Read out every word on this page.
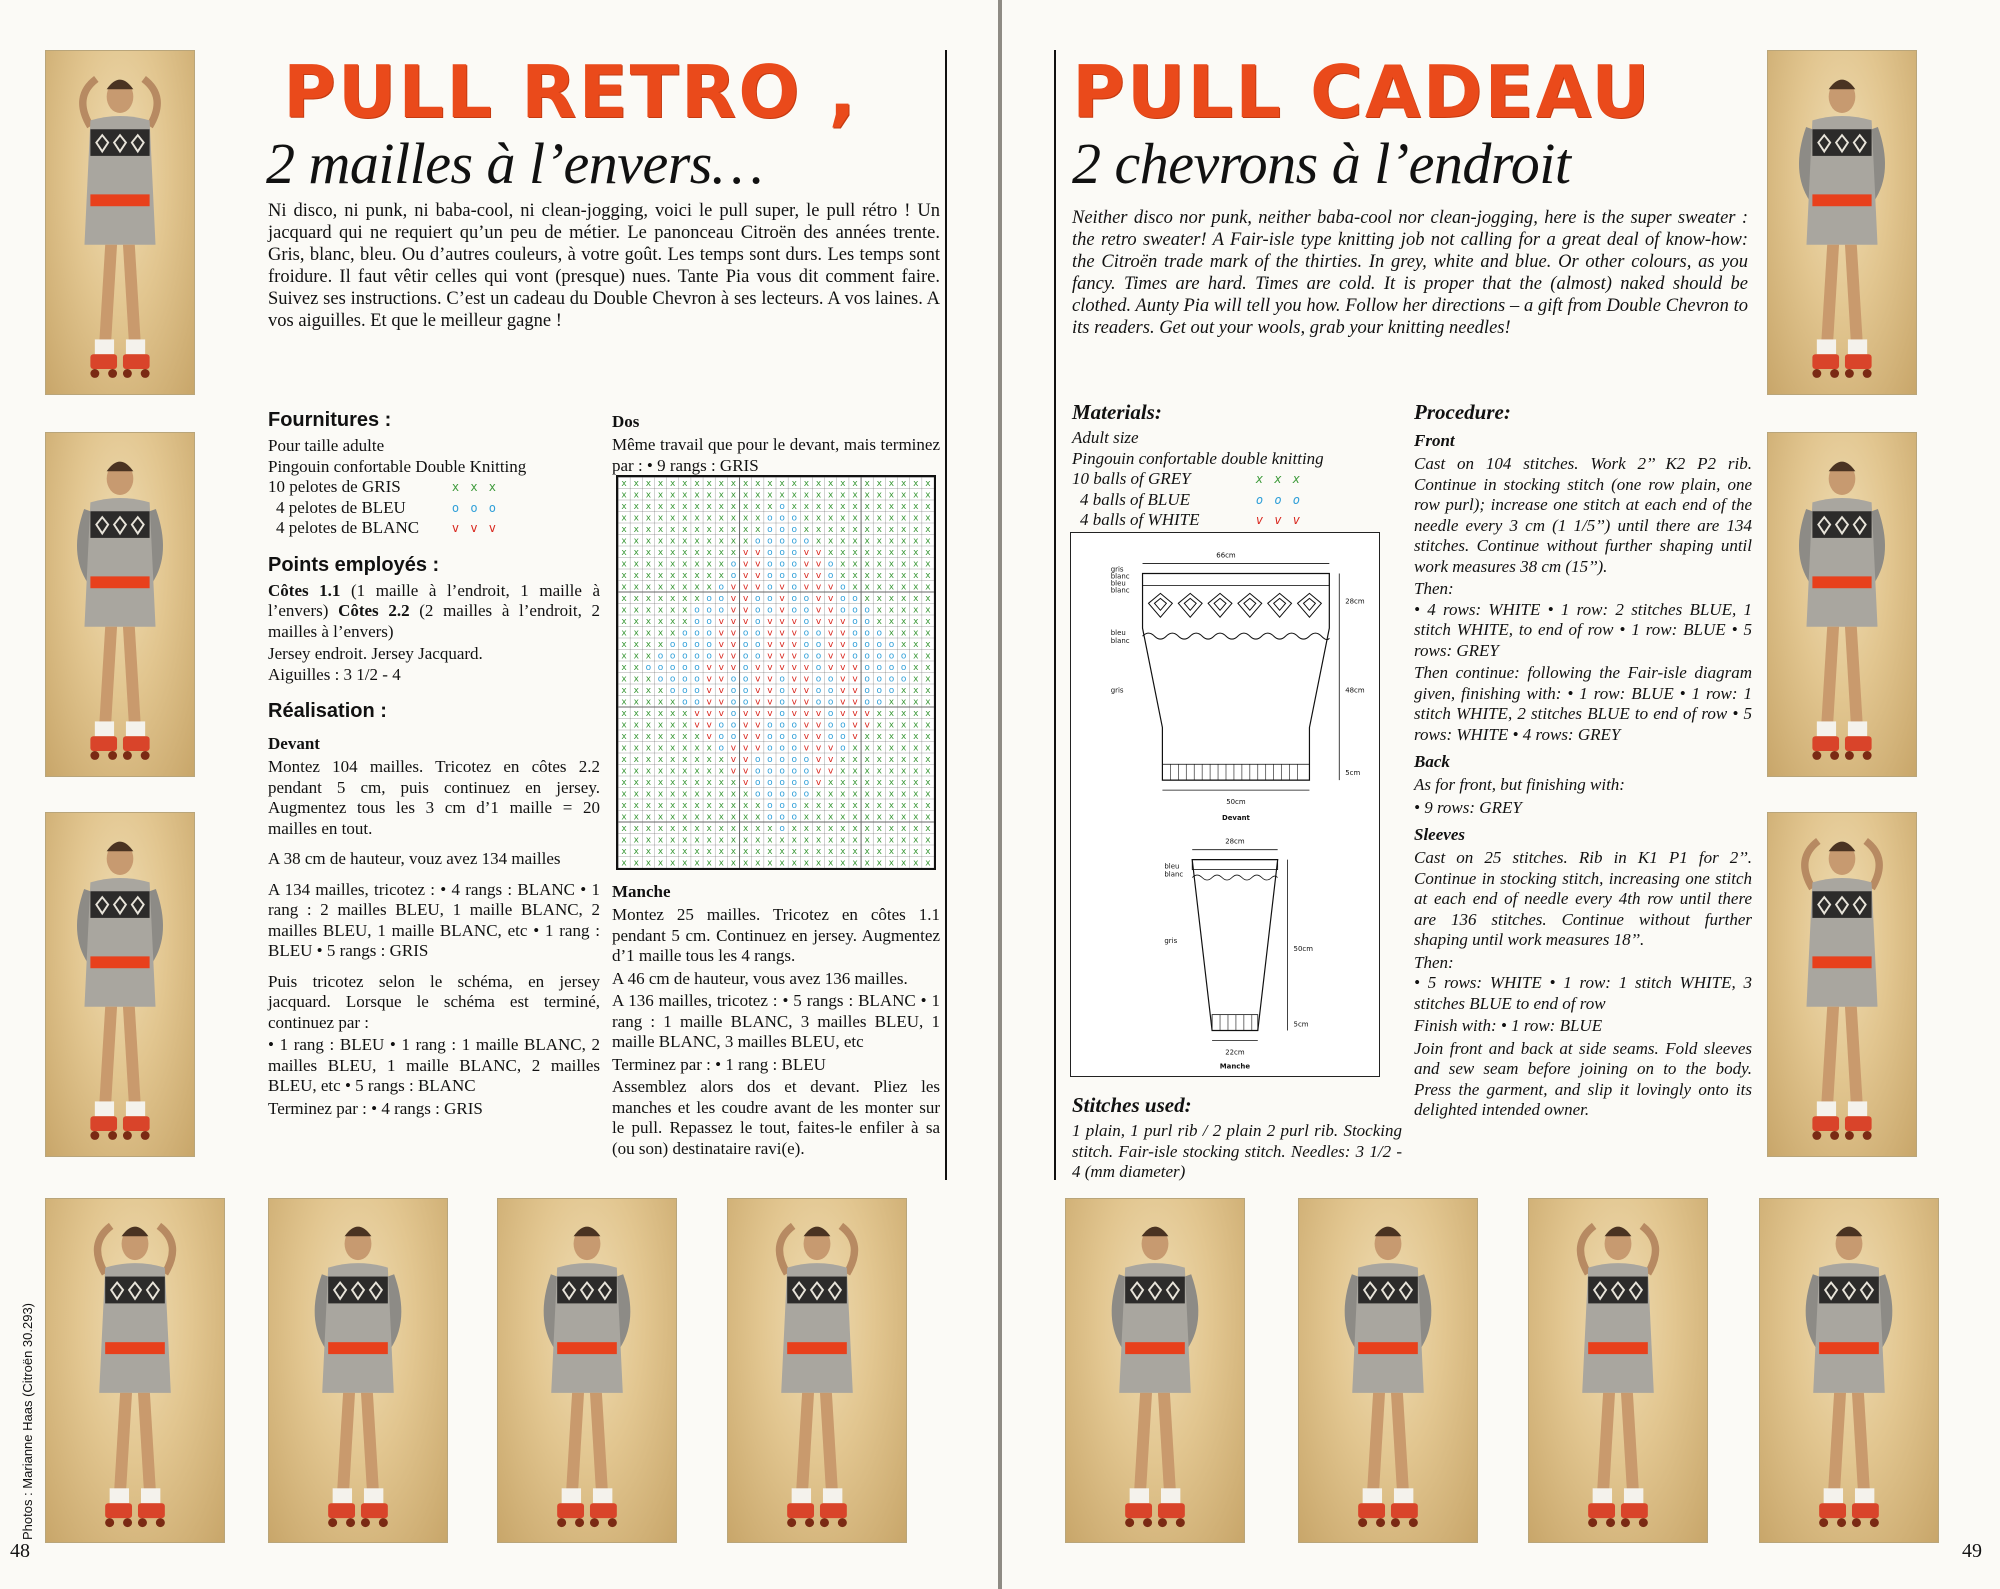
PULL RETRO ,
2 mailles à l’envers…
Ni disco, ni punk, ni baba-cool, ni clean-jogging, voici le pull super, le pull rétro ! Un jacquard qui ne requiert qu’un peu de métier. Le panonceau Citroën des années trente. Gris, blanc, bleu. Ou d’autres couleurs, à votre goût. Les temps sont durs. Les temps sont froidure. Il faut vêtir celles qui vont (presque) nues. Tante Pia vous dit comment faire. Suivez ses instructions. C’est un cadeau du Double Chevron à ses lecteurs. A vos laines. A vos aiguilles. Et que le meilleur gagne !
Fournitures :
Pour taille adulte
Pingouin confortable Double Knitting
10 pelotes de GRIS	x x x
4 pelotes de BLEU	o o o
4 pelotes de BLANC	v v v
Points employés :

Côtes 1.1 (1 maille à l’endroit, 1 maille à l’envers) Côtes 2.2 (2 mailles à l’endroit, 2 mailles à l’envers)

Jersey endroit. Jersey Jacquard.
Aiguilles : 3 1/2 - 4
Réalisation :
Devant

Montez 104 mailles. Tricotez en côtes 2.2 pendant 5 cm, puis continuez en jersey. Augmentez tous les 3 cm d’1 maille = 20 mailles en tout.

A 38 cm de hauteur, vouz avez 134 mailles

A 134 mailles, tricotez : • 4 rangs : BLANC • 1 rang : 2 mailles BLEU, 1 maille BLANC, 2 mailles BLEU, 1 maille BLANC, etc • 1 rang : BLEU • 5 rangs : GRIS

Puis tricotez selon le schéma, en jersey jacquard. Lorsque le schéma est terminé, continuez par :

• 1 rang : BLEU • 1 rang : 1 maille BLANC, 2 mailles BLEU, 1 maille BLANC, 2 mailles BLEU, etc • 5 rangs : BLANC

Terminez par : • 4 rangs : GRIS

Dos

Même travail que pour le devant, mais terminez par : • 9 rangs : GRIS

x x x x x x x x x x x x x x x x x x x x x x x x x x
x x x x x x x x x x x x x x x x x x x x x x x x x x
x x x x x x x x x x x x x o x x x x x x x x x x x x
x x x x x x x x x x x x o o o x x x x x x x x x x x
x x x x x x x x x x x x o o o x x x x x x x x x x x
x x x x x x x x x x x o o o o o x x x x x x x x x x
x x x x x x x x x x v v o o o v v x x x x x x x x x
x x x x x x x x x o v v o o o v v o x x x x x x x x
x x x x x x x x x o v v o o o v v o x x x x x x x x
x x x x x x x x o v v v o v o v v v o x x x x x x x
x x x x x x x o o v v o o v o o v v o o x x x x x x
x x x x x x o o o v v o o v o o v v o o o x x x x x
x x x x x x o o v v v o v v v o v v v o o x x x x x
x x x x x o o o v v o o v v v o o v v o o o x x x x
x x x x o o o o v v o o v v v o o v v o o o o x x x
x x x o o o o o v v o o v v v o o v v o o o o o x x
x x o o o o o v v v o v v v v v o v v v o o o o x x
x x x o o o o v v o o v v o v v o o v v o o o o x x
x x x x o o o v v o o v v o v v o o v v o o o x x x
x x x x x o o v v o o v v o v v o o v v o o x x x x
x x x x x x v v v o v v v o v v v o v v v x x x x x
x x x x x x v v o o v v o o o v v o o v v x x x x x
x x x x x x x v o o v v o o o v v o o v x x x x x x
x x x x x x x x o v v v o o o v v v o x x x x x x x
x x x x x x x x x v v o o o o o v v x x x x x x x x
x x x x x x x x x v v o o o o o v v x x x x x x x x
x x x x x x x x x x v o o o o o v x x x x x x x x x
x x x x x x x x x x x o o o o o x x x x x x x x x x
x x x x x x x x x x x x o o o x x x x x x x x x x x
x x x x x x x x x x x x o o o x x x x x x x x x x x
x x x x x x x x x x x x x o x x x x x x x x x x x x
x x x x x x x x x x x x x x x x x x x x x x x x x x
x x x x x x x x x x x x x x x x x x x x x x x x x x
x x x x x x x x x x x x x x x x x x x x x x x x x x
Manche

Montez 25 mailles. Tricotez en côtes 1.1 pendant 5 cm. Continuez en jersey. Augmentez d’1 maille tous les 4 rangs.

A 46 cm de hauteur, vous avez 136 mailles.

A 136 mailles, tricotez : • 5 rangs : BLANC • 1 rang : 1 maille BLANC, 3 mailles BLEU, 1 maille BLANC, 3 mailles BLEU, etc

Terminez par : • 1 rang : BLEU

Assemblez alors dos et devant. Pliez les manches et les coudre avant de les monter sur le pull. Repassez le tout, faites-le enfiler à sa (ou son) destinataire ravi(e).

Photos : Marianne Haas (Citroën 30.293)
48
PULL CADEAU
2 chevrons à l’endroit
Neither disco nor punk, neither baba-cool nor clean-jogging, here is the super sweater : the retro sweater! A Fair-isle type knitting job not calling for a great deal of know-how: the Citroën trade mark of the thirties. In grey, white and blue. Or other colours, as you fancy. Times are hard. Times are cold. It is proper that the (almost) naked should be clothed. Aunty Pia will tell you how. Follow her directions – a gift from Double Chevron to its readers. Get out your wools, grab your knitting needles!
Materials:
Adult size
Pingouin confortable double knitting
10 balls of GREY	x x x
4 balls of BLUE	o o o
4 balls of WHITE	v v v
66cm
28cm
48cm
5cm
gris
blanc
bleu
blanc
bleu
blanc
gris
50cm
Devant
28cm
50cm
5cm
bleu
blanc
gris
22cm
Manche
Stitches used:

1 plain, 1 purl rib / 2 plain 2 purl rib. Stocking stitch. Fair-isle stocking stitch. Needles: 3 1/2 - 4 (mm diameter)

Procedure:
Front

Cast on 104 stitches. Work 2’’ K2 P2 rib. Continue in stocking stitch (one row plain, one row purl); increase one stitch at each end of the needle every 3 cm (1 1/5’’) until there are 134 stitches. Continue without further shaping until work measures 38 cm (15’’).

Then:

• 4 rows: WHITE • 1 row: 2 stitches BLUE, 1 stitch WHITE, to end of row • 1 row: BLUE • 5 rows: GREY

Then continue: following the Fair-isle diagram given, finishing with: • 1 row: BLUE • 1 row: 1 stitch WHITE, 2 stitches BLUE to end of row • 5 rows: WHITE • 4 rows: GREY

Back

As for front, but finishing with:

• 9 rows: GREY

Sleeves

Cast on 25 stitches. Rib in K1 P1 for 2’’. Continue in stocking stitch, increasing one stitch at each end of needle every 4th row until there are 136 stitches. Continue without further shaping until work measures 18’’.

Then:

• 5 rows: WHITE • 1 row: 1 stitch WHITE, 3 stitches BLUE to end of row

Finish with: • 1 row: BLUE

Join front and back at side seams. Fold sleeves and sew seam before joining on to the body. Press the garment, and slip it lovingly onto its delighted intended owner.

49
